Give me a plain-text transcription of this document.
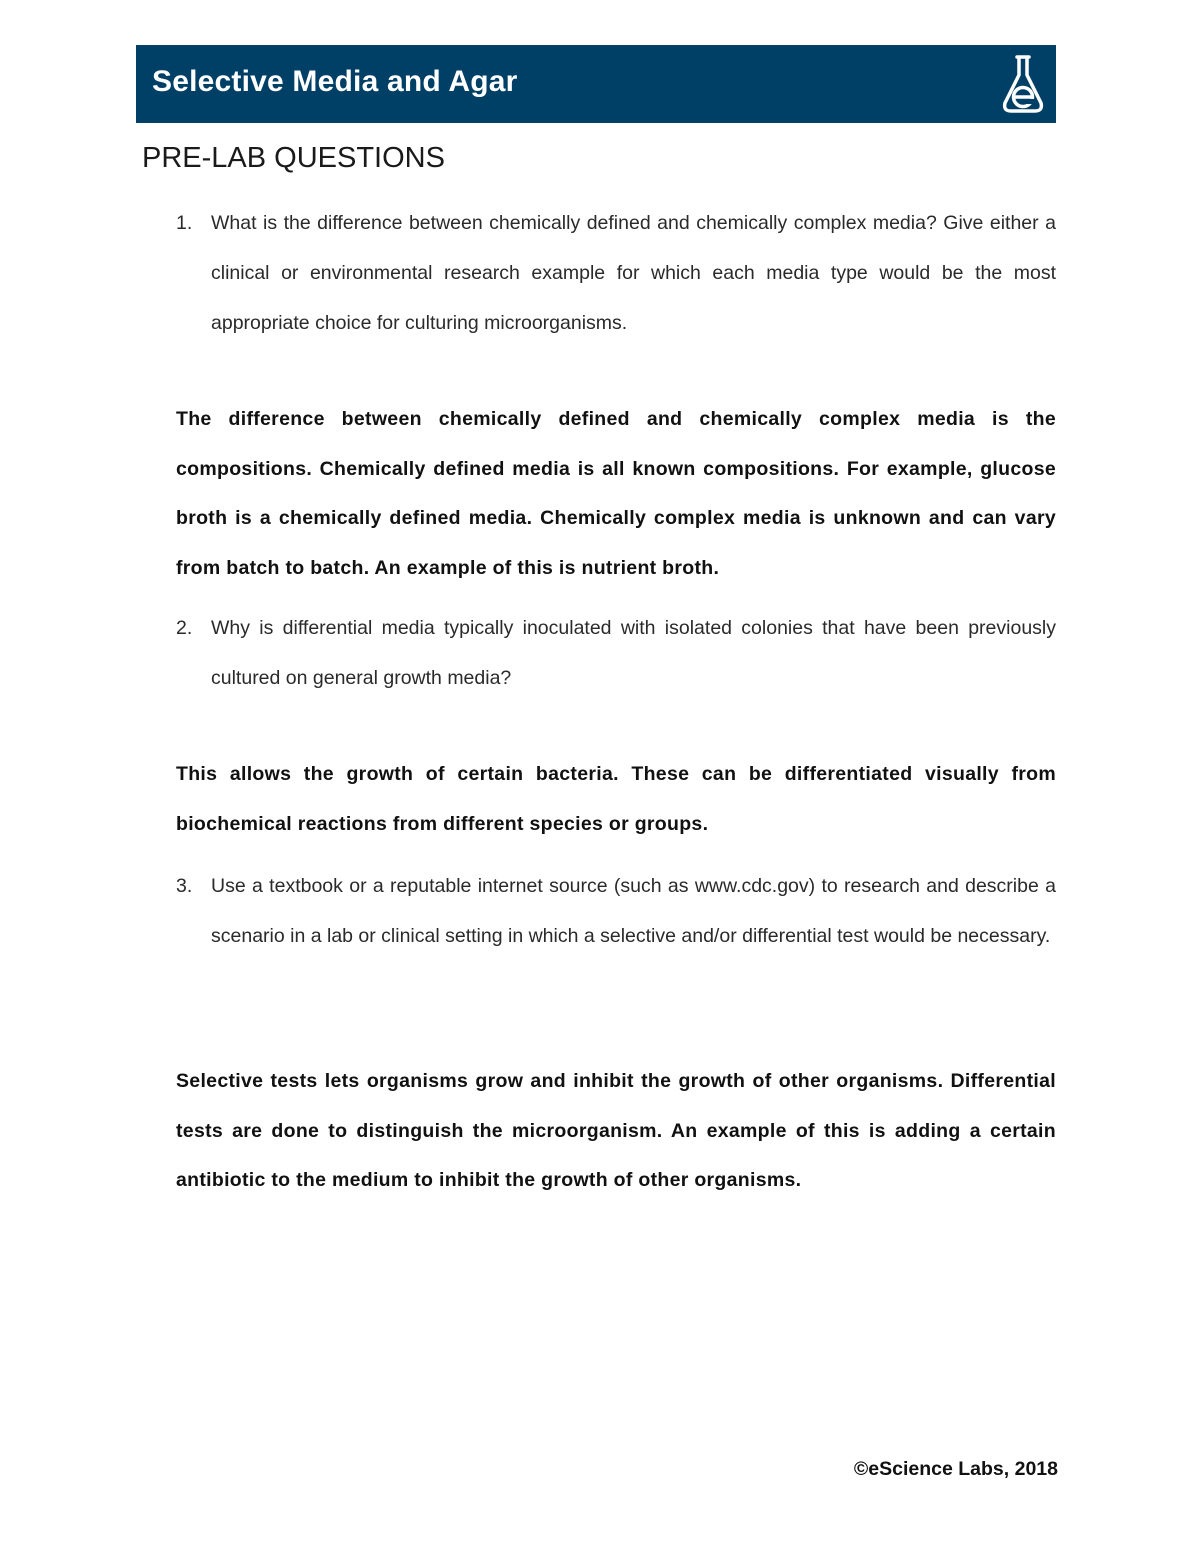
Selective Media and Agar
PRE-LAB QUESTIONS
1. What is the difference between chemically defined and chemically complex media? Give either a clinical or environmental research example for which each media type would be the most appropriate choice for culturing microorganisms.
The difference between chemically defined and chemically complex media is the compositions. Chemically defined media is all known compositions. For example, glucose broth is a chemically defined media. Chemically complex media is unknown and can vary from batch to batch. An example of this is nutrient broth.
2. Why is differential media typically inoculated with isolated colonies that have been previously cultured on general growth media?
This allows the growth of certain bacteria. These can be differentiated visually from biochemical reactions from different species or groups.
3. Use a textbook or a reputable internet source (such as www.cdc.gov) to research and describe a scenario in a lab or clinical setting in which a selective and/or differential test would be necessary.
Selective tests lets organisms grow and inhibit the growth of other organisms. Differential tests are done to distinguish the microorganism. An example of this is adding a certain antibiotic to the medium to inhibit the growth of other organisms.
©eScience Labs, 2018
